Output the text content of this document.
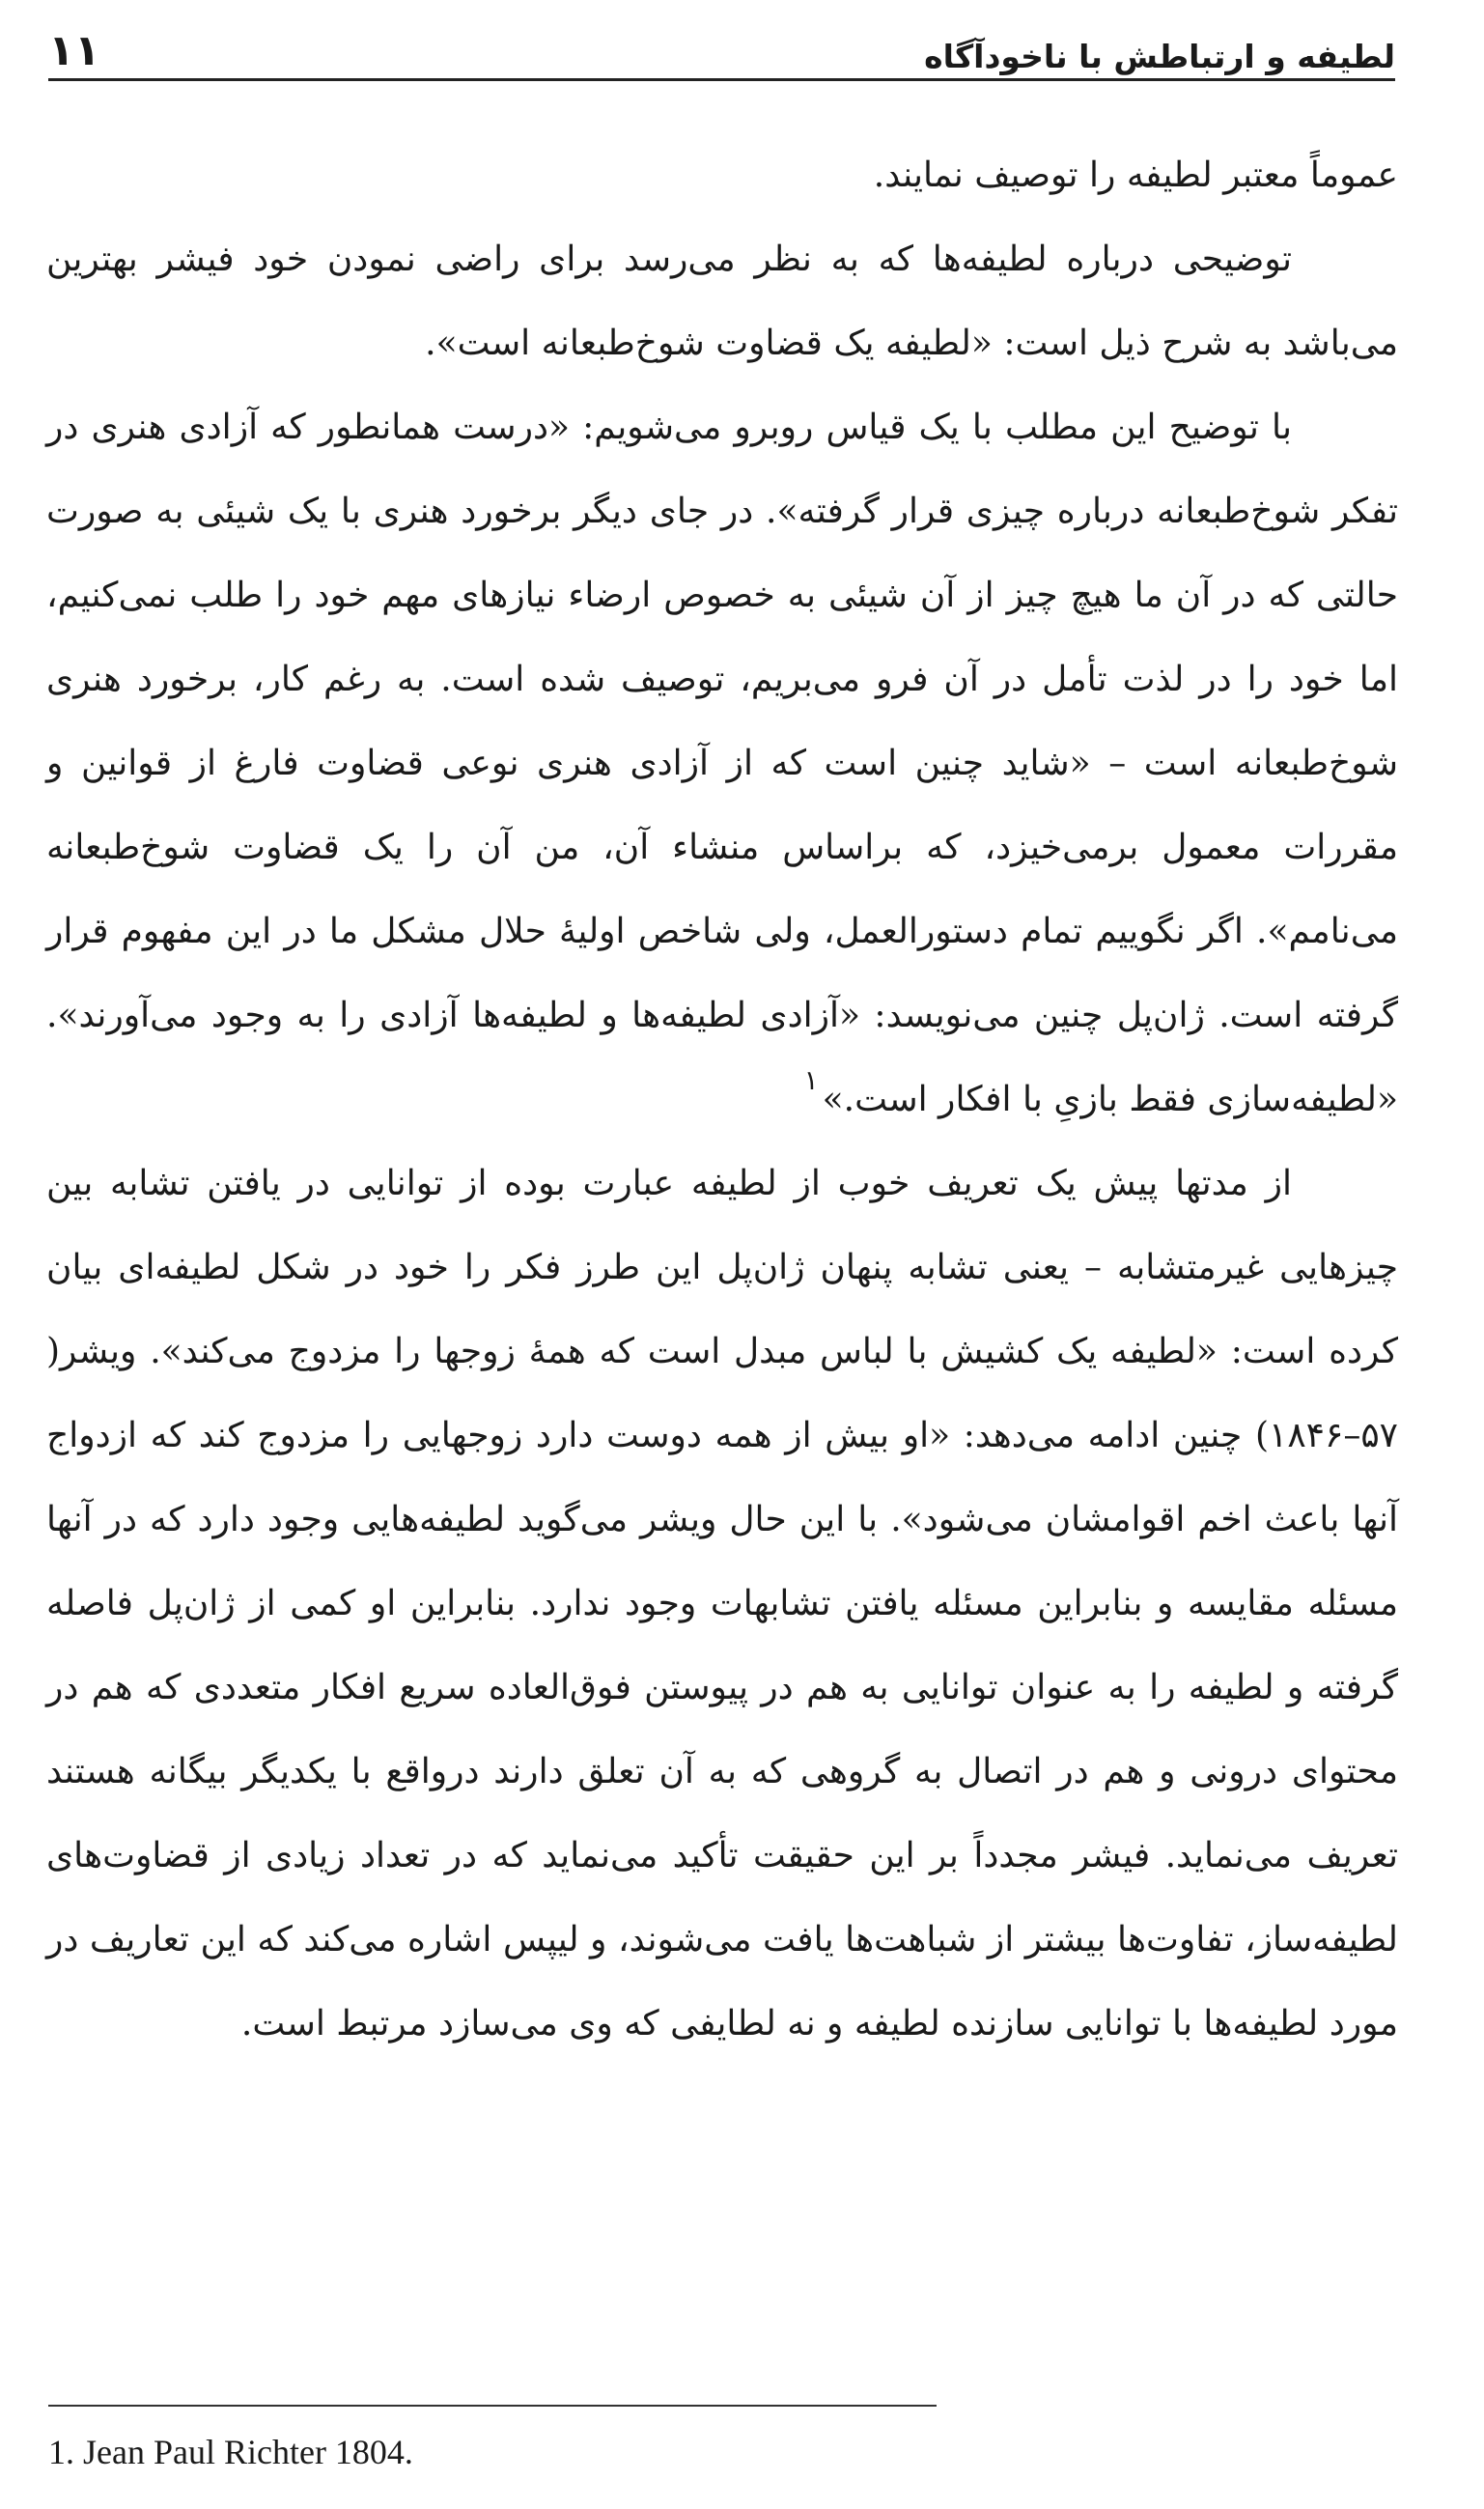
١١	لطیفه و ارتباطش با ناخودآگاه

عموماً معتبر لطیفه را توصیف نمایند.

توضیحی درباره لطیفه‌ها که به نظر می‌رسد برای راضی نمودن خود فیشر بهترین می‌باشد به شرح ذیل است: «لطیفه یک قضاوت شوخ‌طبعانه است».

با توضیح این مطلب با یک قیاس روبرو می‌شویم: «درست همانطور که آزادی هنری در تفکر شوخ‌طبعانه درباره چیزی قرار گرفته». در جای دیگر برخورد هنری با یک شیئی به صورت حالتی که در آن ما هیچ چیز از آن شیئی به خصوص ارضاء نیازهای مهم خود را طلب نمی‌کنیم، اما خود را در لذت تأمل در آن فرو می‌بریم، توصیف شده است. به رغم کار، برخورد هنری شوخ‌طبعانه است – «شاید چنین است که از آزادی هنری نوعی قضاوت فارغ از قوانین و مقررات معمول برمی‌خیزد، که براساس منشاء آن، من آن را یک قضاوت شوخ‌طبعانه می‌نامم». اگر نگوییم تمام دستورالعمل، ولی شاخص اولیهٔ حلال مشکل ما در این مفهوم قرار گرفته است. ژان‌پل چنین می‌نویسد: «آزادی لطیفه‌ها و لطیفه‌ها آزادی را به وجود می‌آورند». «لطیفه‌سازی فقط بازیِ با افکار است.»$^١$

از مدتها پیش یک تعریف خوب از لطیفه عبارت بوده از توانایی در یافتن تشابه بین چیزهایی غیرمتشابه – یعنی تشابه پنهان ژان‌پل این طرز فکر را خود در شکل لطیفه‌ای بیان کرده است: «لطیفه یک کشیش با لباس مبدل است که همهٔ زوجها را مزدوج می‌کند». ویشر( ۵۷–۱۸۴۶) چنین ادامه می‌دهد: «او بیش از همه دوست دارد زوجهایی را مزدوج کند که ازدواج آنها باعث اخم اقوامشان می‌شود». با این حال ویشر می‌گوید لطیفه‌هایی وجود دارد که در آنها مسئله مقایسه و بنابراین مسئله یافتن تشابهات وجود ندارد. بنابراین او کمی از ژان‌پل فاصله گرفته و لطیفه را به عنوان توانایی به هم در پیوستن فوق‌العاده سریع افکار متعددی که هم در محتوای درونی و هم در اتصال به گروهی که به آن تعلق دارند درواقع با یکدیگر بیگانه هستند تعریف می‌نماید. فیشر مجدداً بر این حقیقت تأکید می‌نماید که در تعداد زیادی از قضاوت‌های لطیفه‌ساز، تفاوت‌ها بیشتر از شباهت‌ها یافت می‌شوند، و لیپس اشاره می‌کند که این تعاریف در مورد لطیفه‌ها با توانایی سازنده لطیفه و نه لطایفی که وی می‌سازد مرتبط است.

1. Jean Paul Richter 1804.
